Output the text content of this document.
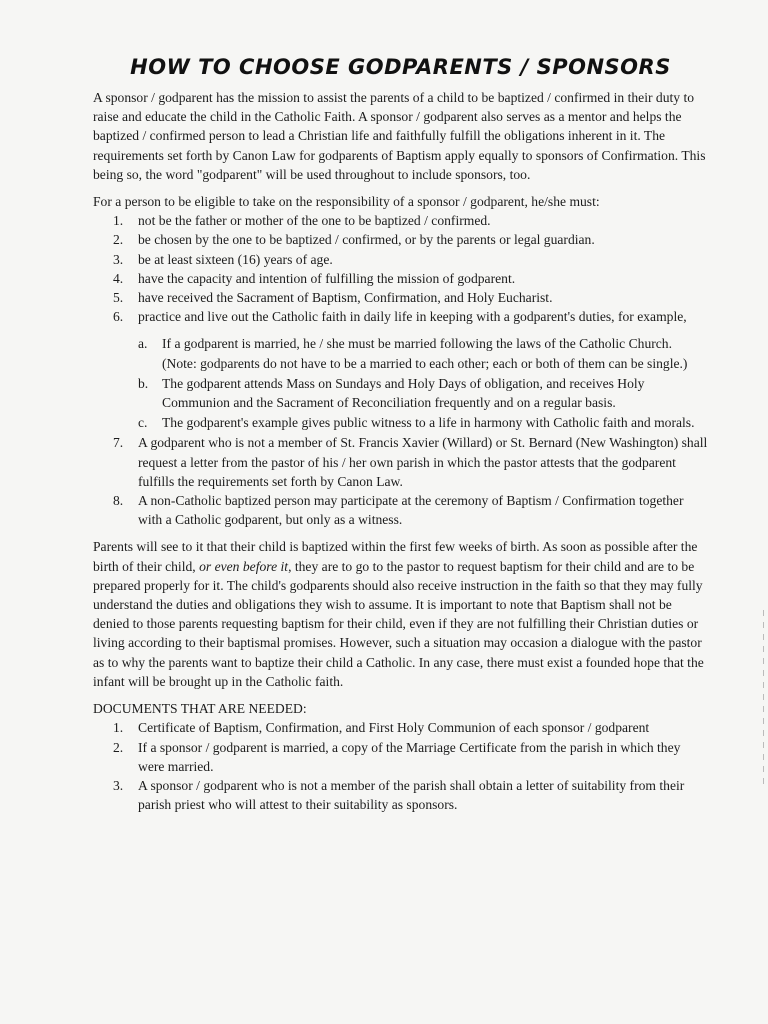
HOW TO CHOOSE GODPARENTS / SPONSORS

A sponsor / godparent has the mission to assist the parents of a child to be baptized / confirmed in their duty to raise and educate the child in the Catholic Faith. A sponsor / godparent also serves as a mentor and helps the baptized / confirmed person to lead a Christian life and faithfully fulfill the obligations inherent in it. The requirements set forth by Canon Law for godparents of Baptism apply equally to sponsors of Confirmation. This being so, the word "godparent" will be used throughout to include sponsors, too.

For a person to be eligible to take on the responsibility of a sponsor / godparent, he/she must:

1.	not be the father or mother of the one to be baptized / confirmed.
2.	be chosen by the one to be baptized / confirmed, or by the parents or legal guardian.
3.	be at least sixteen (16) years of age.
4.	have the capacity and intention of fulfilling the mission of godparent.
5.	have received the Sacrament of Baptism, Confirmation, and Holy Eucharist.
6.	practice and live out the Catholic faith in daily life in keeping with a godparent's duties, for example,
a.	If a godparent is married, he / she must be married following the laws of the Catholic Church. (Note: godparents do not have to be a married to each other; each or both of them can be single.)
b.	The godparent attends Mass on Sundays and Holy Days of obligation, and receives Holy Communion and the Sacrament of Reconciliation frequently and on a regular basis.
c.	The godparent's example gives public witness to a life in harmony with Catholic faith and morals.
7.	A godparent who is not a member of St. Francis Xavier (Willard) or St. Bernard (New Washington) shall request a letter from the pastor of his / her own parish in which the pastor attests that the godparent fulfills the requirements set forth by Canon Law.
8.	A non-Catholic baptized person may participate at the ceremony of Baptism / Confirmation together with a Catholic godparent, but only as a witness.

Parents will see to it that their child is baptized within the first few weeks of birth. As soon as possible after the birth of their child, or even before it, they are to go to the pastor to request baptism for their child and are to be prepared properly for it. The child's godparents should also receive instruction in the faith so that they may fully understand the duties and obligations they wish to assume. It is important to note that Baptism shall not be denied to those parents requesting baptism for their child, even if they are not fulfilling their Christian duties or living according to their baptismal promises. However, such a situation may occasion a dialogue with the pastor as to why the parents want to baptize their child a Catholic. In any case, there must exist a founded hope that the infant will be brought up in the Catholic faith.

DOCUMENTS THAT ARE NEEDED:

1.	Certificate of Baptism, Confirmation, and First Holy Communion of each sponsor / godparent
2.	If a sponsor / godparent is married, a copy of the Marriage Certificate from the parish in which they were married.
3.	A sponsor / godparent who is not a member of the parish shall obtain a letter of suitability from their parish priest who will attest to their suitability as sponsors.
